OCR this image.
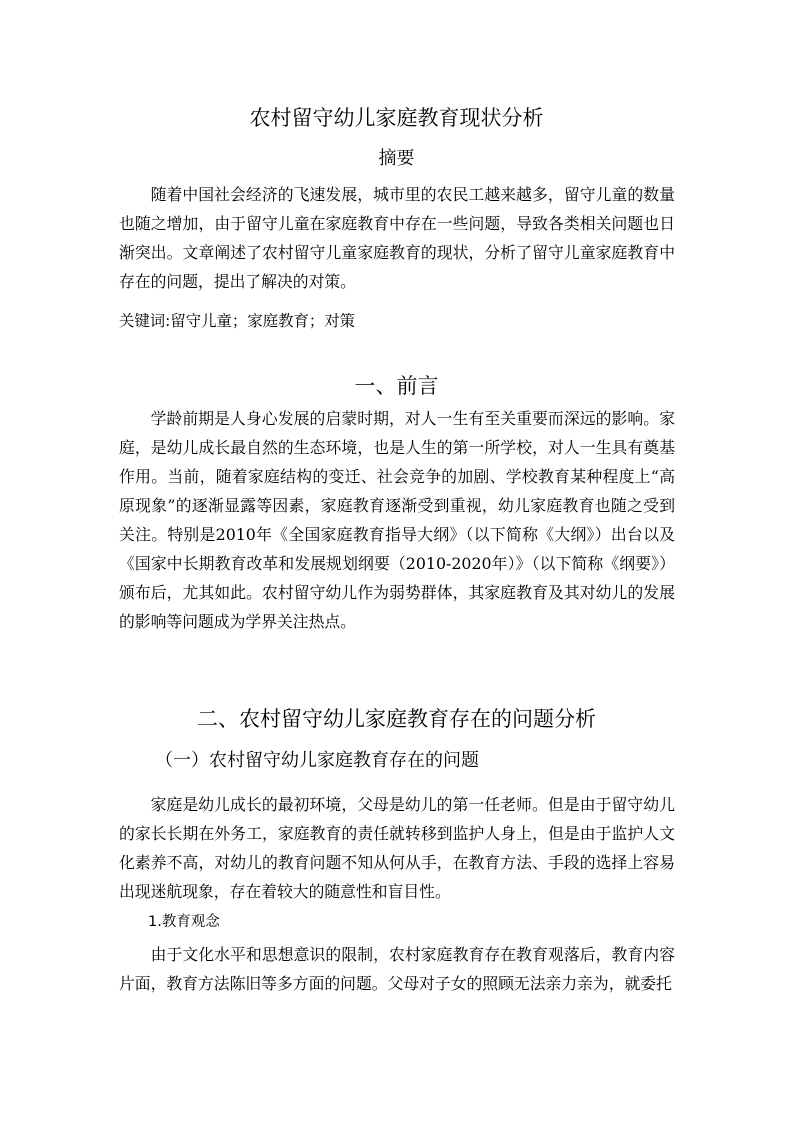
农村留守幼儿家庭教育现状分析
摘要
随着中国社会经济的飞速发展，城市里的农民工越来越多，留守儿童的数量也随之增加，由于留守儿童在家庭教育中存在一些问题，导致各类相关问题也日渐突出。文章阐述了农村留守儿童家庭教育的现状，分析了留守儿童家庭教育中存在的问题，提出了解决的对策。
关键词:留守儿童；家庭教育；对策
一、前言
学龄前期是人身心发展的启蒙时期，对人一生有至关重要而深远的影响。家庭，是幼儿成长最自然的生态环境，也是人生的第一所学校，对人一生具有奠基作用。当前，随着家庭结构的变迁、社会竞争的加剧、学校教育某种程度上“高原现象”的逐渐显露等因素，家庭教育逐渐受到重视，幼儿家庭教育也随之受到关注。特别是2010年《全国家庭教育指导大纲》（以下简称《大纲》）出台以及《国家中长期教育改革和发展规划纲要（2010-2020年）》（以下简称《纲要》）颁布后，尤其如此。农村留守幼儿作为弱势群体，其家庭教育及其对幼儿的发展的影响等问题成为学界关注热点。
二、农村留守幼儿家庭教育存在的问题分析
（一）农村留守幼儿家庭教育存在的问题
家庭是幼儿成长的最初环境，父母是幼儿的第一任老师。但是由于留守幼儿的家长长期在外务工，家庭教育的责任就转移到监护人身上，但是由于监护人文化素养不高，对幼儿的教育问题不知从何从手，在教育方法、手段的选择上容易出现迷航现象，存在着较大的随意性和盲目性。
1.教育观念
由于文化水平和思想意识的限制，农村家庭教育存在教育观落后，教育内容片面，教育方法陈旧等多方面的问题。父母对子女的照顾无法亲力亲为，就委托
